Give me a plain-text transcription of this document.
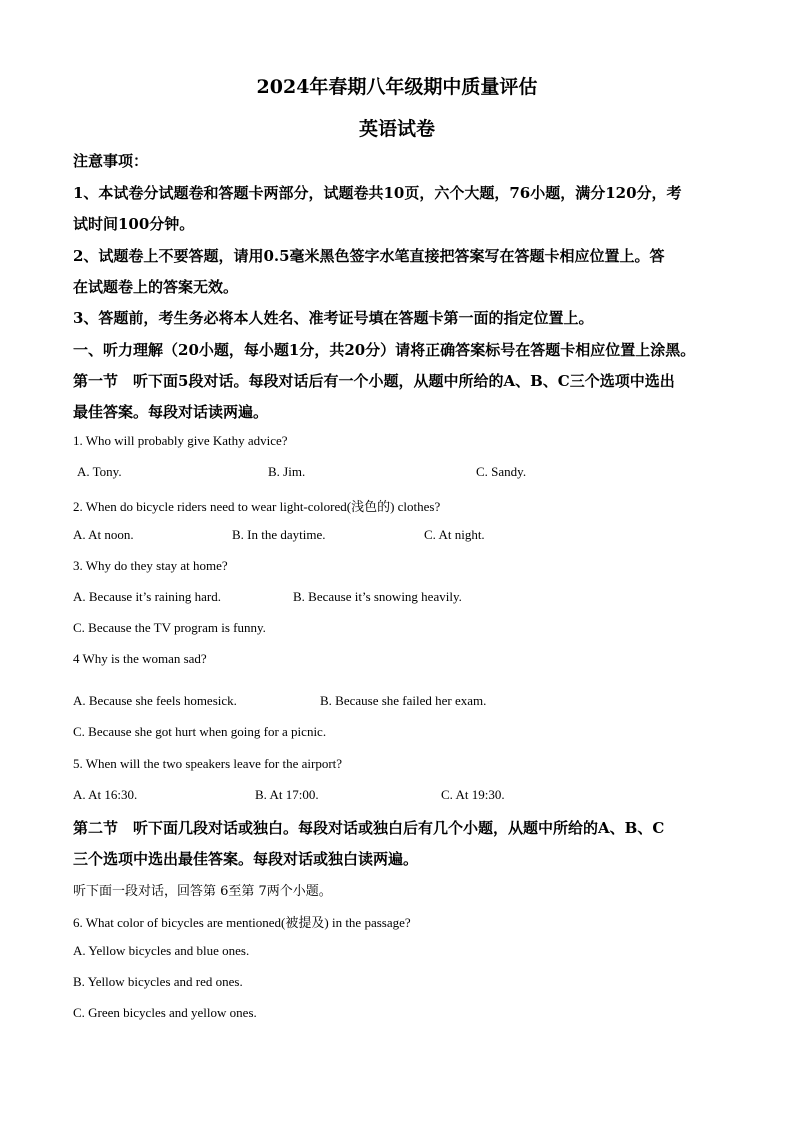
2024年春期八年级期中质量评估
英语试卷
注意事项：
1、本试卷分试题卷和答题卡两部分，试题卷共10页，六个大题，76小题，满分120分，考
试时间100分钟。
2、试题卷上不要答题，请用0.5毫米黑色签字水笔直接把答案写在答题卡相应位置上。答
在试题卷上的答案无效。
3、答题前，考生务必将本人姓名、准考证号填在答题卡第一面的指定位置上。
一、听力理解（20小题，每小题1分，共20分）请将正确答案标号在答题卡相应位置上涂黑。
第一节　听下面5段对话。每段对话后有一个小题，从题中所给的A、B、C三个选项中选出
最佳答案。每段对话读两遍。
1. Who will probably give Kathy advice?
A. Tony.	B. Jim.	C. Sandy.
2. When do bicycle riders need to wear light-colored(浅色的) clothes?
A. At noon.	B. In the daytime.	C. At night.
3. Why do they stay at home?
A. Because it’s raining hard.	B. Because it’s snowing heavily.
C. Because the TV program is funny.
4 Why is the woman sad?
A. Because she feels homesick.	B. Because she failed her exam.
C. Because she got hurt when going for a picnic.
5. When will the two speakers leave for the airport?
A. At 16:30.	B. At 17:00.	C. At 19:30.
第二节　听下面几段对话或独白。每段对话或独白后有几个小题，从题中所给的A、B、C
三个选项中选出最佳答案。每段对话或独白读两遍。
听下面一段对话，回答第 6至第 7两个小题。
6. What color of bicycles are mentioned(被提及) in the passage?
A. Yellow bicycles and blue ones.
B. Yellow bicycles and red ones.
C. Green bicycles and yellow ones.
